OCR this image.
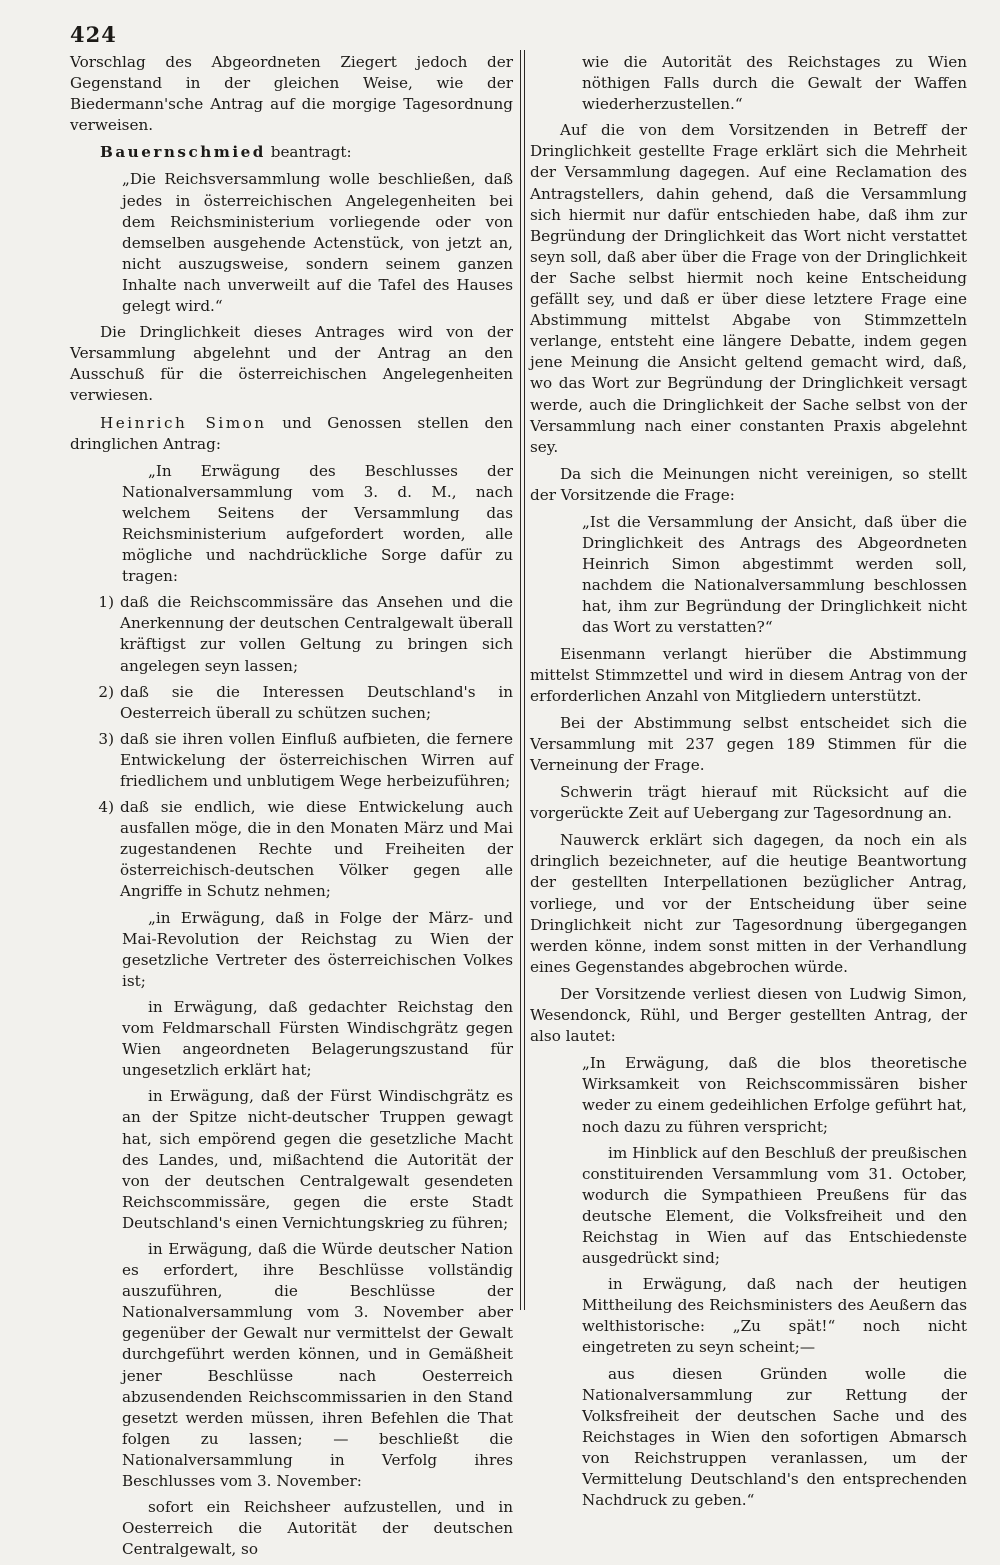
424

Vorschlag des Abgeordneten Ziegert jedoch der Gegenstand in der gleichen Weise, wie der Biedermann'sche Antrag auf die morgige Tagesordnung verweisen.

Bauernschmied beantragt:

„Die Reichsversammlung wolle beschließen, daß jedes in österreichischen Angelegenheiten bei dem Reichsministerium vorliegende oder von demselben ausgehende Actenstück, von jetzt an, nicht auszugsweise, sondern seinem ganzen Inhalte nach unverweilt auf die Tafel des Hauses gelegt wird.“

Die Dringlichkeit dieses Antrages wird von der Versammlung abgelehnt und der Antrag an den Ausschuß für die österreichischen Angelegenheiten verwiesen.

Heinrich Simon und Genossen stellen den dringlichen Antrag:

„In Erwägung des Beschlusses der Nationalversammlung vom 3. d. M., nach welchem Seitens der Versammlung das Reichsministerium aufgefordert worden, alle mögliche und nachdrückliche Sorge dafür zu tragen:

1) daß die Reichscommissäre das Ansehen und die Anerkennung der deutschen Centralgewalt überall kräftigst zur vollen Geltung zu bringen sich angelegen seyn lassen;
2) daß sie die Interessen Deutschland's in Oesterreich überall zu schützen suchen;
3) daß sie ihren vollen Einfluß aufbieten, die fernere Entwickelung der österreichischen Wirren auf friedlichem und unblutigem Wege herbeizuführen;
4) daß sie endlich, wie diese Entwickelung auch ausfallen möge, die in den Monaten März und Mai zugestandenen Rechte und Freiheiten der österreichisch-deutschen Völker gegen alle Angriffe in Schutz nehmen;

„in Erwägung, daß in Folge der März- und Mai-Revolution der Reichstag zu Wien der gesetzliche Vertreter des österreichischen Volkes ist;

in Erwägung, daß gedachter Reichstag den vom Feldmarschall Fürsten Windischgrätz gegen Wien angeordneten Belagerungszustand für ungesetzlich erklärt hat;

in Erwägung, daß der Fürst Windischgrätz es an der Spitze nicht-deutscher Truppen gewagt hat, sich empörend gegen die gesetzliche Macht des Landes, und, mißachtend die Autorität der von der deutschen Centralgewalt gesendeten Reichscommissäre, gegen die erste Stadt Deutschland's einen Vernichtungskrieg zu führen;

in Erwägung, daß die Würde deutscher Nation es erfordert, ihre Beschlüsse vollständig auszuführen, die Beschlüsse der Nationalversammlung vom 3. November aber gegenüber der Gewalt nur vermittelst der Gewalt durchgeführt werden können, und in Gemäßheit jener Beschlüsse nach Oesterreich abzusendenden Reichscommissarien in den Stand gesetzt werden müssen, ihren Befehlen die That folgen zu lassen; — beschließt die Nationalversammlung in Verfolg ihres Beschlusses vom 3. November:

sofort ein Reichsheer aufzustellen, und in Oesterreich die Autorität der deutschen Centralgewalt, so

wie die Autorität des Reichstages zu Wien nöthigen Falls durch die Gewalt der Waffen wiederherzustellen.“

Auf die von dem Vorsitzenden in Betreff der Dringlichkeit gestellte Frage erklärt sich die Mehrheit der Versammlung dagegen. Auf eine Reclamation des Antragstellers, dahin gehend, daß die Versammlung sich hiermit nur dafür entschieden habe, daß ihm zur Begründung der Dringlichkeit das Wort nicht verstattet seyn soll, daß aber über die Frage von der Dringlichkeit der Sache selbst hiermit noch keine Entscheidung gefällt sey, und daß er über diese letztere Frage eine Abstimmung mittelst Abgabe von Stimmzetteln verlange, entsteht eine längere Debatte, indem gegen jene Meinung die Ansicht geltend gemacht wird, daß, wo das Wort zur Begründung der Dringlichkeit versagt werde, auch die Dringlichkeit der Sache selbst von der Versammlung nach einer constanten Praxis abgelehnt sey.

Da sich die Meinungen nicht vereinigen, so stellt der Vorsitzende die Frage:

„Ist die Versammlung der Ansicht, daß über die Dringlichkeit des Antrags des Abgeordneten Heinrich Simon abgestimmt werden soll, nachdem die Nationalversammlung beschlossen hat, ihm zur Begründung der Dringlichkeit nicht das Wort zu verstatten?“

Eisenmann verlangt hierüber die Abstimmung mittelst Stimmzettel und wird in diesem Antrag von der erforderlichen Anzahl von Mitgliedern unterstützt.

Bei der Abstimmung selbst entscheidet sich die Versammlung mit 237 gegen 189 Stimmen für die Verneinung der Frage.

Schwerin trägt hierauf mit Rücksicht auf die vorgerückte Zeit auf Uebergang zur Tagesordnung an.

Nauwerck erklärt sich dagegen, da noch ein als dringlich bezeichneter, auf die heutige Beantwortung der gestellten Interpellationen bezüglicher Antrag, vorliege, und vor der Entscheidung über seine Dringlichkeit nicht zur Tagesordnung übergegangen werden könne, indem sonst mitten in der Verhandlung eines Gegenstandes abgebrochen würde.

Der Vorsitzende verliest diesen von Ludwig Simon, Wesendonck, Rühl, und Berger gestellten Antrag, der also lautet:

„In Erwägung, daß die blos theoretische Wirksamkeit von Reichscommissären bisher weder zu einem gedeihlichen Erfolge geführt hat, noch dazu zu führen verspricht;

im Hinblick auf den Beschluß der preußischen constituirenden Versammlung vom 31. October, wodurch die Sympathieen Preußens für das deutsche Element, die Volksfreiheit und den Reichstag in Wien auf das Entschiedenste ausgedrückt sind;

in Erwägung, daß nach der heutigen Mittheilung des Reichsministers des Aeußern das welthistorische: „Zu spät!“ noch nicht eingetreten zu seyn scheint;—

aus diesen Gründen wolle die Nationalversammlung zur Rettung der Volksfreiheit der deutschen Sache und des Reichstages in Wien den sofortigen Abmarsch von Reichstruppen veranlassen, um der Vermittelung Deutschland's den entsprechenden Nachdruck zu geben.“
